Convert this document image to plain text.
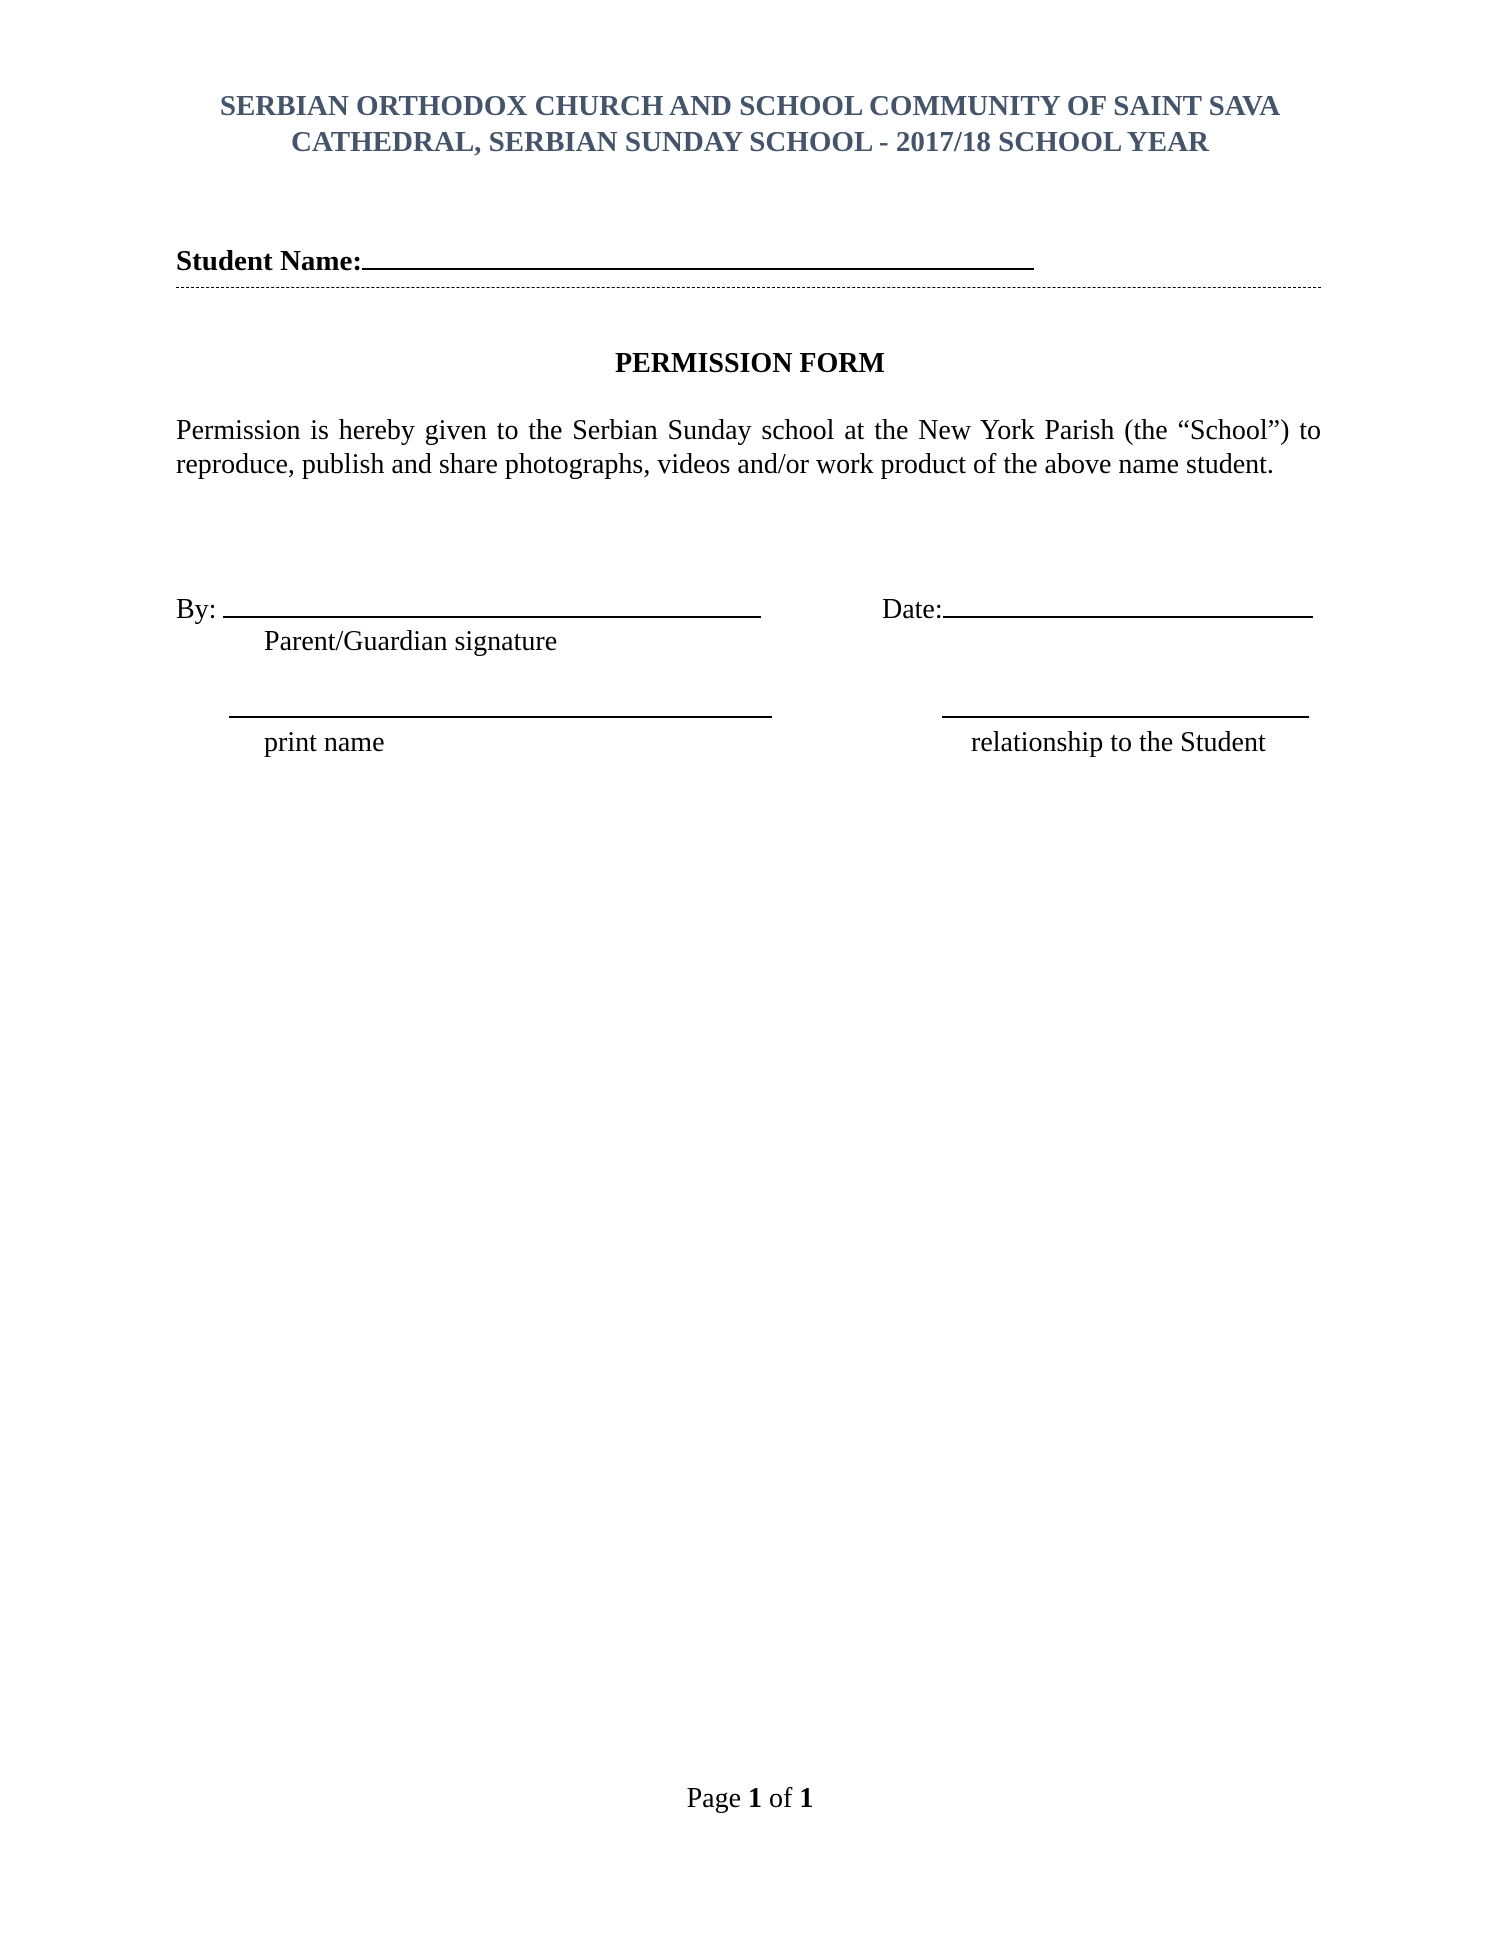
SERBIAN ORTHODOX CHURCH AND SCHOOL COMMUNITY OF SAINT SAVA
CATHEDRAL, SERBIAN SUNDAY SCHOOL - 2017/18 SCHOOL YEAR
Student Name:
PERMISSION FORM
Permission is hereby given to the Serbian Sunday school at the New York Parish (the “School”) to reproduce, publish and share photographs, videos and/or work product of the above name student.
By:	Date:
Parent/Guardian signature
print name	relationship to the Student
Page 1 of 1
